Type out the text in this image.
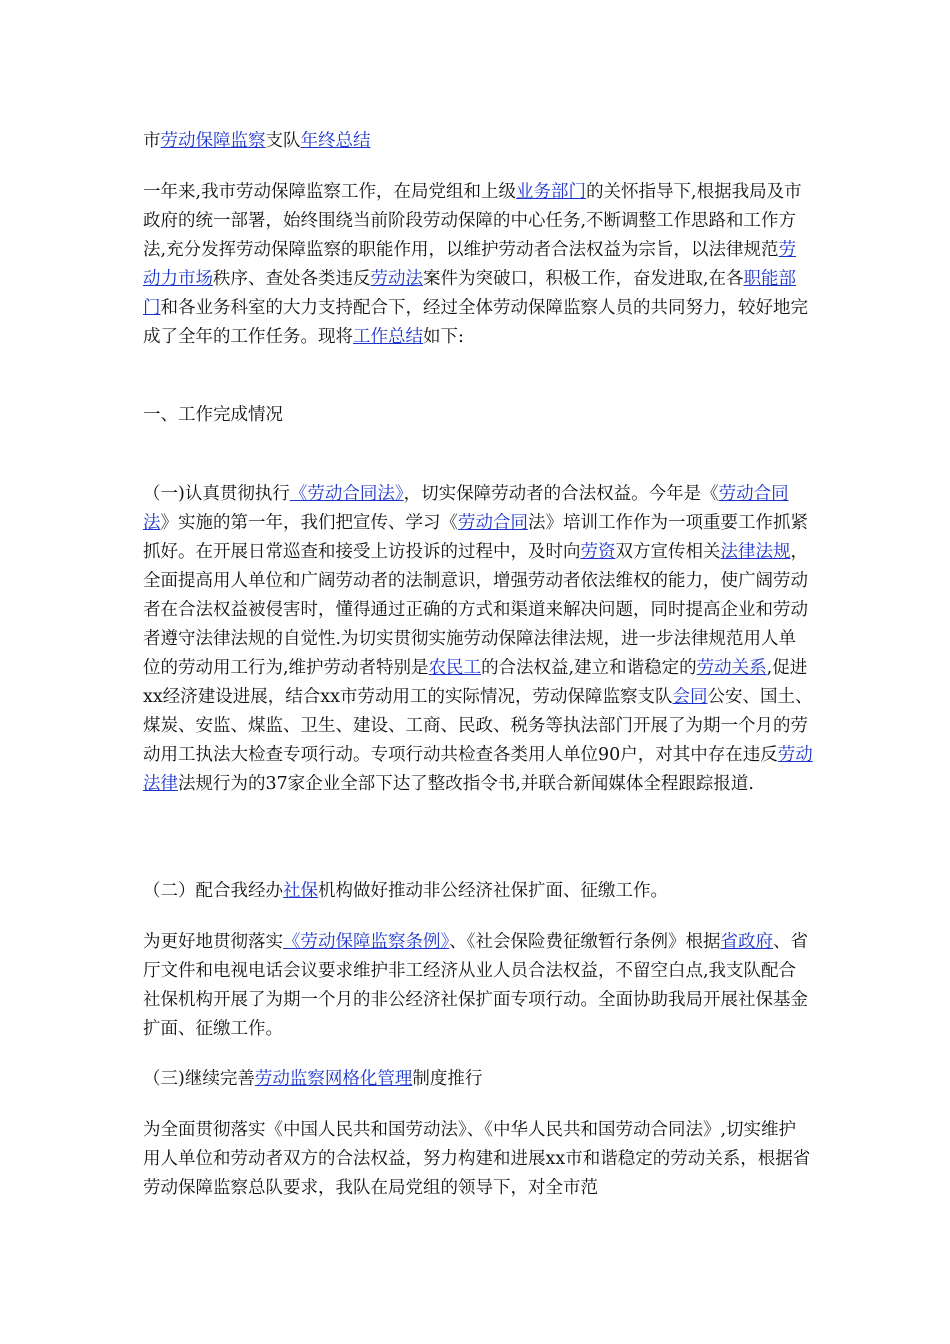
市劳动保障监察支队年终总结

一年来,我市劳动保障监察工作，在局党组和上级业务部门的关怀指导下,根据我局及市政府的统一部署，始终围绕当前阶段劳动保障的中心任务,不断调整工作思路和工作方法,充分发挥劳动保障监察的职能作用，以维护劳动者合法权益为宗旨，以法律规范劳动力市场秩序、查处各类违反劳动法案件为突破口，积极工作，奋发进取,在各职能部门和各业务科室的大力支持配合下，经过全体劳动保障监察人员的共同努力，较好地完成了全年的工作任务。现将工作总结如下:

一、工作完成情况

（一)认真贯彻执行《劳动合同法》，切实保障劳动者的合法权益。今年是《劳动合同法》实施的第一年，我们把宣传、学习《劳动合同法》培训工作作为一项重要工作抓紧抓好。在开展日常巡查和接受上访投诉的过程中，及时向劳资双方宣传相关法律法规，全面提高用人单位和广阔劳动者的法制意识，增强劳动者依法维权的能力，使广阔劳动者在合法权益被侵害时，懂得通过正确的方式和渠道来解决问题，同时提高企业和劳动者遵守法律法规的自觉性.为切实贯彻实施劳动保障法律法规，进一步法律规范用人单位的劳动用工行为,维护劳动者特别是农民工的合法权益,建立和谐稳定的劳动关系,促进xx经济建设进展，结合xx市劳动用工的实际情况，劳动保障监察支队会同公安、国土、煤炭、安监、煤监、卫生、建设、工商、民政、税务等执法部门开展了为期一个月的劳动用工执法大检查专项行动。专项行动共检查各类用人单位90户，对其中存在违反劳动法律法规行为的37家企业全部下达了整改指令书,并联合新闻媒体全程跟踪报道.

（二）配合我经办社保机构做好推动非公经济社保扩面、征缴工作。

为更好地贯彻落实《劳动保障监察条例》、《社会保险费征缴暂行条例》根据省政府、省厅文件和电视电话会议要求维护非工经济从业人员合法权益，不留空白点,我支队配合社保机构开展了为期一个月的非公经济社保扩面专项行动。全面协助我局开展社保基金扩面、征缴工作。

（三)继续完善劳动监察网格化管理制度推行

为全面贯彻落实《中国人民共和国劳动法》、《中华人民共和国劳动合同法》,切实维护用人单位和劳动者双方的合法权益，努力构建和进展xx市和谐稳定的劳动关系，根据省劳动保障监察总队要求，我队在局党组的领导下，对全市范
